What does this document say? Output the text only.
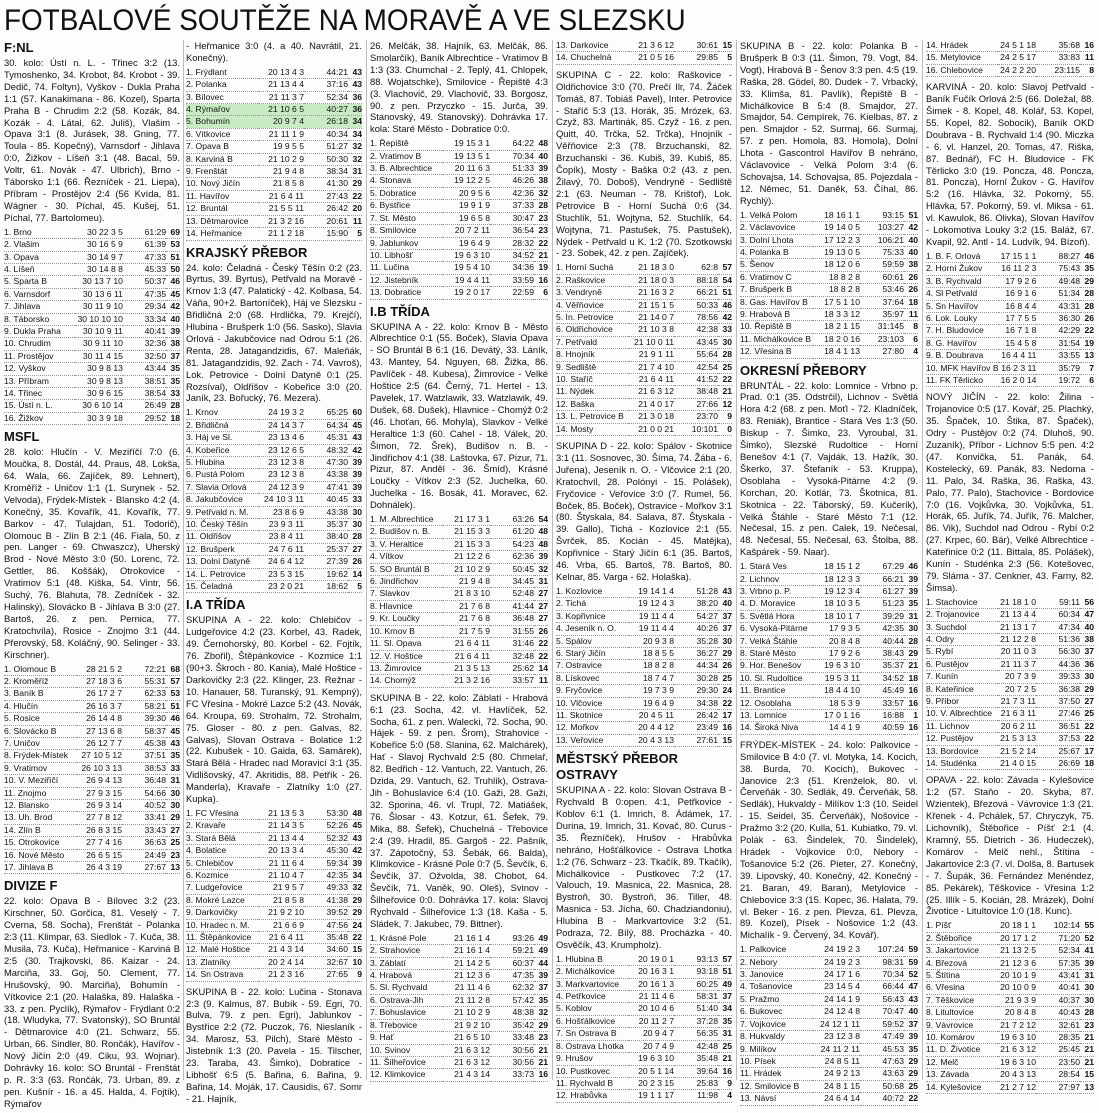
FOTBALOVÉ SOUTĚŽE NA MORAVĚ A VE SLEZSKU
F:NL
30. kolo: Ústí n. L. - Třinec 3:2 (13. Tymoshenko, 34. Krobot, 84. Krobot - 39. Dedič, 74. Foltyn), Vyškov - Dukla Praha 1:1 (57. Kanakimana - 86. Kozel), Sparta Praha B - Chrudim 2:2 (58. Kozák, 84. Kozák - 4. Látal, 62. Juliš), Vlašim - Opava 3:1 (8. Jurásek, 38. Gning, 77. Toula - 85. Kopečný), Varnsdorf - Jihlava 0:0, Žižkov - Líšeň 3:1 (48. Bacal, 59. Voltr, 61. Novák - 47. Ulbrich), Brno - Táborsko 1:1 (66. Řezníček - 21. Liepa), Příbram - Prostějov 2:4 (56 Kvída, 81. Wágner - 30. Píchal, 45. Kušej, 51. Píchal, 77. Bartolomeu).
1. Brno	30 22 3 5	61:29	69
2. Vlašim	30 16 5 9	61:39	53
3. Opava	30 14 9 7	47:33	51
4. Líšeň	30 14 8 8	45:33	50
5. Sparta B	30 13 7 10	50:37	46
6. Varnsdorf	30 13 6 11	47:35	45
7. Jihlava	30 11 9 10	29:34	42
8. Táborsko	30 10 10 10	33:34	40
9. Dukla Praha	30 10 9 11	40:41	39
10. Chrudim	30 9 11 10	32:36	38
11. Prostějov	30 11 4 15	32:50	37
12. Vyškov	30 9 8 13	43:44	35
13. Příbram	30 9 8 13	38:51	35
14. Třinec	30 9 6 15	38:54	33
15. Ústí n. L.	30 6 10 14	26:49	28
16. Žižkov	30 3 9 18	29:52	18
MSFL
28. kolo: Hlučín - V. Meziříčí 7:0 (6. Moučka, 8. Dostál, 44. Praus, 48. Lokša, 64. Wala, 66. Zajíček, 89. Lehnert), Kroměříž - Uničov 1:1 (1. Surynek - 52. Velvoda), Frýdek-Místek - Blansko 4:2 (4. Konečný, 35. Kovařík, 41. Kovařík, 77. Barkov - 47. Tulajdan, 51. Todorič), Olomouc B - Zlín B 2:1 (46. Fiala, 50. z pen. Langer - 69. Chwaszcz), Uherský Brod - Nové Město 3:0 (50. Lorenc, 72. Gettler, 86. Koššák), Otrokovice - Vratimov 5:1 (48. Kiška, 54. Vintr, 56. Suchý, 76. Blahuta, 78. Zedníček - 32. Halinský), Slovácko B - Jihlava B 3:0 (27. Bartoš, 26. z pen. Pernica, 77. Kratochvíla), Rosice - Znojmo 3:1 (44. Přerovský, 58. Koláčný, 90. Selinger - 33. Kirschner).
1. Olomouc B	28 21 5 2	72:21	68
2. Kroměříž	27 18 3 6	55:31	57
3. Baník B	26 17 2 7	62:33	53
4. Hlučín	26 16 3 7	58:21	51
5. Rosice	26 14 4 8	39:30	46
6. Slovácko B	27 13 6 8	58:37	45
7. Uničov	26 12 7 7	45:38	43
8. Frýdek-Místek	27 10 5 12	37:51	35
9. Vratimov	26 10 3 13	38:53	33
10. V. Meziříčí	26 9 4 13	36:48	31
11. Znojmo	27 9 3 15	54:66	30
12. Blansko	26 9 3 14	40:52	30
13. Uh. Brod	27 7 8 12	33:41	29
14. Zlín B	26 8 3 15	33:43	27
15. Otrokovice	27 7 4 16	36:63	25
16. Nové Město	26 6 5 15	24:49	23
17. Jihlava B	26 4 3 19	27:67	13
DIVIZE F
22. kolo: Opava B - Bílovec 3:2 (23. Kirschner, 50. Gorčica, 81. Veselý - 7. Cverna, 58. Socha), Frenštát - Polanka 2:3 (11. Klimpar, 63. Siedlok - 7. Kuča, 38. Musila, 73. Kuča), Heřmanice - Karviná B 2:5 (30. Trajkovski, 86. Kaizar - 24. Marciňa, 33. Goj, 50. Clement, 77. Hrušovský, 90. Marciňa), Bohumín - Vítkovice 2:1 (20. Halaška, 89. Halaška - 33. z pen. Pyclík), Rýmařov - Frýdlant 0:2 (18. Wludyka, 77. Svatonský), SO Bruntál - Dětmarovice 4:0 (21. Schwarz, 55. Urban, 66. Sindler, 80. Rončák), Havířov - Nový Jičín 2:0 (49. Ciku, 93. Wojnar). Dohrávky 16. kolo: SO Bruntál - Frenštát p. R. 3:3 (63. Rončák, 73. Urban, 89. z pen. Kušnír - 16. a 45. Halda, 4. Fojtík), Rýmařov
- Heřmanice 3:0 (4. a 40. Navrátil, 21. Konečný).
1. Frýdlant	20 13 4 3	44:21	43
2. Polanka	21 13 4 4	37:16	43
3. Bílovec	21 11 3 7	52:34	36
4. Rýmařov	21 10 6 5	40:27	36
5. Bohumín	20 9 7 4	26:18	34
6. Vítkovice	21 11 1 9	40:34	34
7. Opava B	19 9 5 5	51:27	32
8. Karviná B	21 10 2 9	50:30	32
9. Frenštát	21 9 4 8	38:34	31
10. Nový Jičín	21 8 5 8	41:30	29
11. Havířov	21 6 4 11	27:43	22
12. Bruntál	21 5 5 11	26:42	20
13. Dětmarovice	21 3 2 16	20:61	11
14. Heřmanice	21 1 2 18	15:90	5
KRAJSKÝ PŘEBOR
24. kolo: Čeladná - Český Těšín 0:2 (23. Byrtus, 39. Byrtus), Petřvald na Moravě - Krnov 1:3 (47. Palatický - 42. Kolbasa, 54. Váňa, 90+2. Bartoníček), Háj ve Slezsku - Břidličná 2:0 (68. Hrdlička, 79. Krejčí), Hlubina - Brušperk 1:0 (56. Sasko), Slavia Orlová - Jakubčovice nad Odrou 5:1 (26. Renta, 28. Jatagandzidis, 67. Maleňák, 81. Jatagandzidis, 92. Zach - 74. Vavroš), Lok. Petrovice - Dolní Datyně 0:1 (25. Rozsíval), Oldřišov - Kobeřice 3:0 (20. Janík, 23. Bořucký, 76. Mezera).
1. Krnov	24 19 3 2	65:25	60
2. Břidličná	24 14 3 7	64:34	45
3. Háj ve Sl.	23 13 4 6	45:31	43
4. Kobeřice	23 12 6 5	48:32	42
5. Hlubina	23 12 3 8	47:30	39
6. Pustá Polom	23 12 3 8	43:38	39
7. Slavia Orlová	24 12 3 9	47:41	39
8. Jakubčovice	24 10 3 11	40:45	33
9. Petřvald n. M.	23 8 6 9	43:38	30
10. Český Těšín	23 9 3 11	35:37	30
11. Oldřišov	23 8 4 11	38:40	28
12. Brušperk	24 7 6 11	25:37	27
13. Dolní Datyně	24 6 4 12	27:39	26
14. L. Petrovice	23 5 3 15	19:62	14
15. Čeladná	23 2 0 21	18:62	5
I.A TŘÍDA
SKUPINA A - 22. kolo: Chlebičov - Ludgeřovice 4:2 (23. Korbel, 43. Radek, 49. Černohorský, 80. Korbel - 62. Fojtík, 76. Zbořil), Štěpánkovice - Kozmice 1:1 (90+3. Škroch - 80. Kania), Malé Hoštice - Darkovičky 2:3 (22. Klinger, 23. Režnar - 10. Hanauer, 58. Turanský, 91. Kempný), FC Vřesina - Mokré Lazce 5:2 (43. Novák, 64. Kroupa, 69. Strohalm, 72. Strohalm, 75. Gloser - 80. z pen. Galvas, 82. Galvas), Slovan Ostrava - Bolatice 1:2 (22. Kubušek - 10. Gaida, 63. Samárek), Stará Bělá - Hradec nad Moravicí 3:1 (35. Vidlišovský, 47. Akritidis, 88. Petřík - 26. Manderla), Kravaře - Zlatníky 1:0 (27. Kupka).
1. FC Vřesina	21 13 5 3	53:30	48
2. Kravaře	21 14 3 5	52:26	45
3. Stará Bělá	21 13 4 4	52:32	43
4. Bolatice	20 13 3 4	45:30	42
5. Chlebičov	21 11 6 4	59:34	39
6. Kozmice	21 10 4 7	42:35	34
7. Ludgeřovice	21 9 5 7	49:33	32
8. Mokré Lazce	21 8 5 8	41:38	29
9. Darkovičky	21 9 2 10	39:52	29
10. Hradec n. M.	21 6 6 9	47:56	24
11. Štěpánkovice	21 6 4 11	35:48	22
12. Malé Hoštice	21 4 3 14	34:60	15
13. Zlatníky	20 2 4 14	32:67	10
14. Sn Ostrava	21 2 3 16	27:65	9
SKUPINA B - 22. kolo: Lučina - Stonava 2:3 (9. Kalmus, 87. Bubík - 59. Egri, 70. Bulva, 79. z pen. Egri), Jablunkov - Bystřice 2:2 (72. Puczok, 76. Nieslaník - 34. Marosz, 53. Pilch), Staré Město - Jistebník 1:3 (20. Pavela - 15. Tilscher, 23. Taraba, 43. Šimko), Dobratice - Libhošť 6:5 (5. Bařina, 6. Bařina, 9. Bařina, 14. Moják, 17. Causidis, 67. Somr - 21. Hajník,
26. Melčák, 38. Hajník, 63. Melčák, 86. Smolarčík), Baník Albrechtice - Vratimov B 1:3 (33. Chumchal - 2. Teplý, 41. Chlopek, 88. Wojatschke), Smilovice - Řepiště 4:3 (3. Vlachovič, 29. Vlachovič, 33. Borgosz, 90. z pen. Przyczko - 15. Jurča, 39. Stanovský, 49. Stanovský). Dohrávka 17. kola: Staré Město - Dobratice 0:0.
1. Řepiště	19 15 3 1	64:22	48
2. Vratimov B	19 13 5 1	70:34	40
3. B. Albrechtice	20 11 6 3	51:33	39
4. Stonava	19 12 2 5	46:26	38
5. Dobratice	20 9 5 6	42:36	32
6. Bystřice	19 9 1 9	37:33	28
7. St. Město	19 6 5 8	30:47	23
8. Smilovice	20 7 2 11	36:54	23
9. Jablunkov	19 6 4 9	28:32	22
10. Libhošť	19 6 3 10	34:52	21
11. Lučina	19 5 4 10	34:36	19
12. Jistebník	19 4 4 11	33:59	16
13. Dobratice	19 2 0 17	22:59	6
I.B TŘÍDA
SKUPINA A - 22. kolo: Krnov B - Město Albrechtice 0:1 (55. Boček), Slavia Opava - SO Bruntál B 6:1 (16. Devátý, 33. Láník, 43. Mantey, 54. Nguyen, 68. Žižka, 86. Pavlíček - 48. Kubesa), Žimrovice - Velké Hoštice 2:5 (64. Černý, 71. Hertel - 13. Pavelek, 17. Watzlawik, 33. Watzlawik, 49. Dušek, 68. Dušek), Hlavnice - Chomýž 0:2 (46. Lhoťan, 66. Mohyla), Slavkov - Velké Heraltice 1:3 (60. Cahel - 18. Válek, 20. Šimon, 72. Šrek), Budišov n. B. - Jindřichov 4:1 (38. Laštovka, 67. Pizur, 71. Pizur, 87. Anděl - 36. Šmíd), Krásné Loučky - Vítkov 2:3 (52. Juchelka, 60. Juchelka - 16. Bosák, 41. Moravec, 62. Dohnálek).
1. M. Albrechtice	21 17 3 1	63:26	54
2. Budišov n. B.	21 15 3 3	61:20	48
3. V. Heraltice	21 15 3 3	54:23	48
4. Vítkov	21 12 2 6	62:36	39
5. SO Bruntál B	21 10 2 9	50:45	32
6. Jindřichov	21 9 4 8	34:45	31
7. Slavkov	21 8 3 10	52:48	27
8. Hlavnice	21 7 6 8	41:44	27
9. Kr. Loučky	21 7 6 8	36:48	27
10. Krnov B	21 7 5 9	31:55	26
11. Sl. Opava	21 6 4 11	31:46	22
12. V. Hoštice	21 6 4 11	32:48	22
13. Žimrovice	21 3 5 13	25:62	14
14. Chomýž	21 3 2 16	33:57	11
SKUPINA B - 22. kolo: Záblatí - Hrabová 6:1 (23. Socha, 42. vl. Havlíček, 52. Socha, 61. z pen. Walecki, 72. Socha, 90. Hájek - 59. z pen. Šrom), Strahovice - Kobeřice 5:0 (58. Slanina, 62. Malchárek), Hať - Slavoj Rychvald 2:5 (80. Chmelař, 82. Bedřich - 12. Vantuch, 22. Vantuch, 26. Dzida, 29. Vantuch, 62. Truhlík), Ostrava-Jih - Bohuslavice 6:4 (10. Gaži, 28. Gaži, 32. Sporina, 46. vl. Trupl, 72. Matiášek, 76. Šlosar - 43. Kotzur, 61. Šefek, 79. Mika, 88. Šefek), Chuchelná - Třebovice 2:4 (39. Hradil, 85. Gargoš - 22. Pašník, 37. Zápotočný, 53. Šebák, 66. Balda), Klimkovice - Krásné Pole 0:7 (5. Ševčík, 6. Ševčík, 37. Ožvolda, 38. Chobot, 64. Ševčík, 71. Vaněk, 90. Oleš), Svinov - Šilheřovice 0:0. Dohrávka 17. kola: Slavoj Rychvald - Šilheřovice 1:3 (18. Kaša - 5. Sládek, 7. Jakubec, 79. Bittner).
1. Krásné Pole	21 16 1 4	93:26	49
2. Strahovice	21 16 1 4	59:21	49
3. Záblatí	21 14 2 5	60:37	44
4. Hrabová	21 12 3 6	47:35	39
5. Sl. Rychvald	21 11 4 6	62:32	37
6. Ostrava-Jih	21 11 2 8	57:42	35
7. Bohuslavice	21 10 2 9	48:38	32
8. Třebovice	21 9 2 10	35:42	29
9. Hať	21 6 5 10	33:48	23
10. Svinov	21 6 3 12	30:56	21
11. Šilheřovice	21 6 3 12	30:56	21
12. Klimkovice	21 4 3 14	33:73	16
13. Darkovice	21 3 6 12	30:61	15
14. Chuchelná	21 0 5 16	29:85	5
SKUPINA C - 22. kolo: Raškovice - Oldřichovice 3:0 (70. Prečí Ilr, 74. Žáček Tomáš, 87. Tobiáš Pavel), Inter. Petrovice - Staříč 5:3 (13. Horák, 35. Mrózek, 63. Czyž, 83. Martinák, 85. Czyž - 16. z pen. Quitt, 40. Trčka, 52. Trčka), Hnojník - Věřňovice 2:3 (78. Brzuchanski, 82. Brzuchanski - 36. Kubiš, 39. Kubiš, 85. Čopík), Mosty - Baška 0:2 (43. z pen. Žilavý, 70. Doboš), Vendryně - Sedliště 2:1 (63. Neuman - 78. Krištof), Lok. Petrovice B - Horní Suchá 0:6 (34. Stuchlík, 51. Wojtyna, 52. Stuchlík, 64. Wojtyna, 71. Pastušek, 75. Pastušek), Nýdek - Petřvald u K. 1:2 (70. Szotkowski - 23. Sobek, 42. z pen. Zajíček).
1. Horní Suchá	21 18 3 0	62:8	57
2. Raškovice	21 18 0 3	88:18	54
3. Vendryně	21 16 3 2	66:21	51
4. Věřňovice	21 15 1 5	50:33	46
5. In. Petrovice	21 14 0 7	78:56	42
6. Oldřichovice	21 10 3 8	42:38	33
7. Petřvald	21 10 0 11	43:45	30
8. Hnojník	21 9 1 11	55:64	28
9. Sedliště	21 7 4 10	42:54	25
10. Staříč	21 6 4 11	41:52	22
11. Nýdek	21 6 3 12	38:48	21
12. Baška	21 4 0 17	27:66	12
13. L. Petrovice B	21 3 0 18	23:70	9
14. Mosty	21 0 0 21	10:101	0
SKUPINA D - 22. kolo: Spálov - Skotnice 3:1 (11. Sosnovec, 30. Šíma, 74. Žába - 6. Juřena), Jeseník n. O. - Vlčovice 2:1 (20. Kratochvíl, 28. Polónyi - 15. Polášek), Fryčovice - Veřovice 3:0 (7. Rumel, 56. Boček, 85. Boček), Ostravice - Mořkov 3:1 (80. Štyskala, 84. Salava, 87. Štyskala - 39. Gallo), Tichá - Kozlovice 2:1 (55. Švrček, 85. Kocián - 45. Matějka), Kopřivnice - Starý Jičín 6:1 (35. Bartoš, 46. Vrba, 65. Bartoš, 78. Bartoš, 80. Kelnar, 85. Varga - 62. Holaška).
1. Kozlovice	19 14 1 4	51:28	43
2. Tichá	19 12 4 3	38:20	40
3. Kopřivnice	19 11 4 4	54:27	37
4. Jeseník n. O.	19 11 4 4	40:26	37
5. Spálov	20 9 3 8	35:28	30
6. Starý Jičín	18 8 5 5	36:27	29
7. Ostravice	18 8 2 8	44:34	26
8. Lískovec	18 7 4 7	30:28	25
9. Fryčovice	19 7 3 9	29:30	24
10. Vlčovice	19 6 4 9	34:38	22
11. Skotnice	20 4 5 11	26:42	17
12. Mořkov	20 4 4 12	23:49	16
13. Veřovice	20 4 3 13	27:61	15
MĚSTSKÝ PŘEBOR OSTRAVY
SKUPINA A - 22. kolo: Slovan Ostrava B - Rychvald B 0:open. 4:1, Petřkovice - Koblov 6:1 (1. Imrich, 8. Ádámek, 17. Durina, 19. Imrich, 31. Kovač, 80. Curus - 35. Řezníček), Hrušov - Hrabůvka nehráno, Hošťálkovice - Ostrava Lhotka 1:2 (76. Schwarz - 23. Tkačík, 89. Tkačík), Michálkovice - Pustkovec 7:2 (17. Valouch, 19. Masnica, 22. Masnica, 28. Bystroň, 30. Bystroň, 36. Tiller, 48. Masnica - 53. Jícha, 60. Chadziandoniu), Hlubina B - Markvartovice 3:2 (51. Podraza, 72. Bílý, 88. Procházka - 40. Osvěčík, 43. Krumpholz).
1. Hlubina B	20 19 0 1	93:13	57
2. Michálkovice	20 16 3 1	93:18	51
3. Markvartovice	20 16 1 3	60:25	49
4. Petřkovice	21 11 4 6	58:31	37
5. Koblov	20 10 4 6	51:40	34
6. Hošťálkovice	20 11 2 7	37:28	35
7. Sn Ostrava B	20 9 4 7	56:35	31
8. Ostrava Lhotka	20 7 4 9	42:48	25
9. Hrušov	19 6 3 10	35:48	21
10. Pustkovec	20 5 1 14	39:64	16
11. Rychvald B	20 2 3 15	25:83	9
12. Hrabůvka	19 1 1 17	11:98	4
SKUPINA B - 22. kolo: Polanka B - Brušperk B 0:3 (11. Šimon, 79. Vogt, 84. Vogt), Hrabová B - Šenov 3:3 pen. 4:5 (19. Raška, 28. Gödel, 80. Dudek - 7. Vrbacký, 33. Klimša, 81. Pavlík), Řepiště B - Michálkovice B 5:4 (8. Smajdor, 27. Smajdor, 54. Cempírek, 76. Kielbas, 87. z pen. Smajdor - 52. Surmaj, 66. Surmaj, 57. z pen. Homola, 83. Homola), Dolní Lhota - Gascontrol Havířov B nehráno, Václavovice - Velká Polom 3:4 (6. Schovajsa, 14. Schovajsa, 85. Pojezdala - 12. Němec, 51. Daněk, 53. Číhal, 86. Rychlý).
1. Velká Polom	18 16 1 1	93:15	51
2. Václavovice	19 14 0 5	103:27	42
3. Dolní Lhota	17 12 2 3	106:21	40
4. Polanka B	19 13 0 5	75:33	40
5. Šenov	18 12 0 6	59:59	38
6. Vratimov C	18 8 2 8	60:61	26
7. Brušperk B	18 8 2 8	53:46	26
8. Gas. Havířov B	17 5 1 10	37:64	18
9. Hrabová B	18 3 3 12	35:97	11
10. Řepiště B	18 2 1 15	31:145	8
11. Michálkovice B	18 2 0 16	23:103	6
12. Vřesina B	18 4 1 13	27:80	4
OKRESNÍ PŘEBORY
BRUNTÁL - 22. kolo: Lomnice - Vrbno p. Prad. 0:1 (35. Odstrčil), Lichnov - Světlá Hora 4:2 (68. z pen. Moťl - 72. Kladníček, 83. Reniák), Brantice - Stará Ves 1:3 (50. Biskup - 7. Šimko, 23. Vyroubal, 31. Šimko), Slezské Rudoltice - Horní Benešov 4:1 (7. Vajdák, 13. Hažík, 30. Škerko, 37. Štefaník - 53. Kruppa), Osoblaha - Vysoká-Pitárne 4:2 (9. Korchan, 20. Kotlár, 73. Škotnica, 81. Skotnica - 22. Táborský, 59. Kučerík), Velká Štáhle - Staré Město 7:1 (12. Nečesal, 15. z pen. Calek, 19. Nečesal, 48. Nečesal, 55. Nečesal, 63. Štolba, 88. Kašpárek - 59. Naar).
1. Stará Ves	18 15 1 2	67:29	46
2. Lichnov	18 12 3 3	66:21	39
3. Vrbno p. P.	19 12 3 4	61:27	39
4. D. Moravice	18 10 3 5	51:23	35
5. Světlá Hora	18 10 1 7	39:29	31
6. Vysoká-Pitárne	17 9 3 5	42:35	30
7. Velká Štáhle	20 8 4 8	40:44	28
8. Staré Město	17 9 2 6	38:43	29
9. Hor. Benešov	19 6 3 10	35:37	21
10. Sl. Rudoltice	19 5 3 11	34:52	18
11. Brantice	18 4 4 10	45:49	16
12. Osoblaha	18 5 3 9	33:57	16
13. Lomnice	17 0 1 16	16:88	1
14. Široká Niva	14 4 1 9	40:59	16
FRÝDEK-MÍSTEK - 24. kolo: Palkovice - Smilovice B 4:0 (7. vl. Motyka, 14. Kocich, 38. Burda, 70. Kocich), Bukovec - Janovice 2:3 (51. Krenželok, 80. vl. Červeňák - 30. Sedlák, 49. Červeňák, 58. Sedlák), Hukvaldy - Milíkov 1:3 (10. Seidel - 15. Seidel, 35. Červeňák), Nošovice - Pražmo 3:2 (20. Kulla, 51. Kubiatko, 79. vl. Polák - 63. Šindelek, 70. Šindelek), Hrádek - Vojkovice 0:0, Nebory - Tošanovice 5:2 (26. Pieter, 27. Konečný, 39. Lipovský, 40. Konečný, 42. Konečný - 21. Baran, 49. Baran), Metylovice - Chlebovice 3:3 (15. Kopec, 36. Halata, 79. vl. Beker - 16. z pen. Plevza, 61. Plevza, 89. Kozel), Písek - Nošovice 1:2 (43. Michalík - 9. Červený, 34. Kovář).
1. Palkovice	24 19 2 3	107:24	59
2. Nebory	24 19 2 3	98:31	59
3. Janovice	24 17 1 6	70:34	52
4. Tošanovice	23 14 5 4	66:44	47
5. Pražmo	24 14 1 9	56:43	43
6. Bukovec	24 12 4 8	70:47	40
7. Vojkovice	24 12 1 11	59:52	37
8. Hukvaldy	23 12 3 8	47:49	39
9. Milíkov	24 11 2 11	45:53	35
10. Písek	24 8 5 11	47:63	29
11. Hrádek	24 9 2 13	43:63	29
12. Smilovice B	24 8 1 15	50:68	25
13. Návsí	24 6 4 14	40:72	22
14. Hrádek	24 5 1 18	35:68	16
15. Metylovice	24 2 5 17	33:83	11
16. Chlebovice	24 2 2 20	23:115	8
KARVINÁ - 20. kolo: Slavoj Petřvald - Baník Fučík Orlová 2:5 (66. Doležal, 88. Šimek - 8. Kopel, 48. Kolář, 53. Kopel, 55. Kopel, 82. Sobocik), Baník OKD Doubrava - B. Rychvald 1:4 (90. Miczka - 6. vl. Hanzel, 20. Tomas, 47. Riška, 87. Bednář), FC H. Bludovice - FK Těrlicko 3:0 (19. Poncza, 48. Poncza, 81. Poncza), Horní Žukov - G. Havířov 5:2 (16. Hlávka, 32. Pokorný, 55. Hlávka, 57. Pokorný, 59. vl. Miksa - 61. vl. Kawulok, 86. Olivka), Slovan Havířov - Lokomotiva Louky 3:2 (15. Baláž, 67. Kvapil, 92. Antl - 14. Ludvík, 94. Bízoň).
1. B. F. Orlová	17 15 1 1	88:27	46
2. Horní Žukov	16 11 2 3	75:43	35
3. B. Rychvald	17 9 2 6	49:48	29
4. Sl Petřvald	16 9 1 6	51:34	28
5. Sn Havířov	16 8 4 4	43:31	28
6. Lok. Louky	17 7 5 5	36:30	26
7. H. Bludovice	16 7 1 8	42:29	22
8. G. Havířov	15 4 5 8	31:54	19
9. B. Doubrava	16 4 4 11	33:55	13
10. MFK Havířov B	16 2 3 11	35:79	7
11. FK Těrlicko	16 2 0 14	19:72	6
NOVÝ JIČÍN - 22. kolo: Žilina - Trojanovice 0:5 (17. Kovář, 25. Plachký, 35. Špaček, 10. Štika, 87. Špaček), Odry - Pustějov 0:2 (74. Dluhoš, 90. Zuzaník), Příbor - Lichnov 5:5 pen. 4:2 (47. Konvička, 51. Panák, 64. Kostelecký, 69. Panák, 83. Nedoma - 11. Palo, 34. Raška, 36. Raška, 43. Palo, 77. Palo), Stachovice - Bordovice 7:0 (16. Vojkůvka, 30. Vojkůvka, 51. Horák, 65. Juřík, 74. Juřík, 76. Malcher, 86. Vik), Suchdol nad Odrou - Rybí 0:2 (27. Krpec, 60. Bár), Velké Albrechtice - Kateřinice 0:2 (11. Bittala, 85. Polášek), Kunín - Studénka 2:3 (56. Kotešovec, 79. Sláma - 37. Cenkner, 43. Farny, 82. Šimsa).
1. Stachovice	21 18 1 0	59:11	56
2. Trojanovice	21 13 4 4	60:34	47
3. Suchdol	21 13 1 7	47:34	40
4. Odry	21 12 2 8	51:36	38
5. Rybí	20 11 0 3	56:30	37
6. Pustějov	21 11 3 7	44:36	36
7. Kunín	20 7 3 9	39:33	30
8. Kateřinice	20 7 2 5	36:38	29
9. Příbor	21 7 3 11	37:50	27
10. V. Albrechtice	21 6 3 11	27:46	25
11. Lichnov	20 6 2 11	36:51	22
12. Pustějov	21 5 3 13	37:53	22
13. Bordovice	21 5 2 14	25:67	17
14. Studénka	21 4 0 15	26:69	18
OPAVA - 22. kolo: Závada - Kylešovice 1:2 (57. Staňo - 20. Skyba, 87. Wzientek), Březová - Vávrovice 1:3 (21. Křenek - 4. Pchálek, 57. Chryczyk, 75. Lichovník), Štěbořice - Píšť 2:1 (4. Kramný, 55. Dietrich - 36. Hudeczek), Komárov - Melč nehl., Štítina - Jakartovice 2:3 (7. vl. Dolša, 8. Bartusek - 7. Šupák, 36. Fernández Menéndez, 85. Pekárek), Těškovice - Vřesina 1:2 (25. Illík - 5. Kocián, 28. Mrázek), Dolní Životice - Litultovice 1:0 (18. Kunc).
1. Píšť	20 18 1 1	102:14	55
2. Štěbořice	20 17 1 2	71:20	52
3. Jakartovice	21 13 2 5	52:34	41
4. Březová	21 12 3 6	57:35	39
5. Štítina	20 10 1 9	43:41	31
6. Vřesina	20 10 0 9	40:41	30
7. Těškovice	21 9 3 9	40:37	30
8. Litultovice	20 8 4 8	40:43	28
9. Vávrovice	21 7 2 12	32:61	23
10. Komárov	19 6 3 10	28:35	21
11. D. Životice	21 6 3 12	25:45	21
12. Melč	19 6 3 10	23:50	21
13. Závada	20 4 3 13	28:54	15
14. Kylešovice	21 2 7 12	27:97	13
